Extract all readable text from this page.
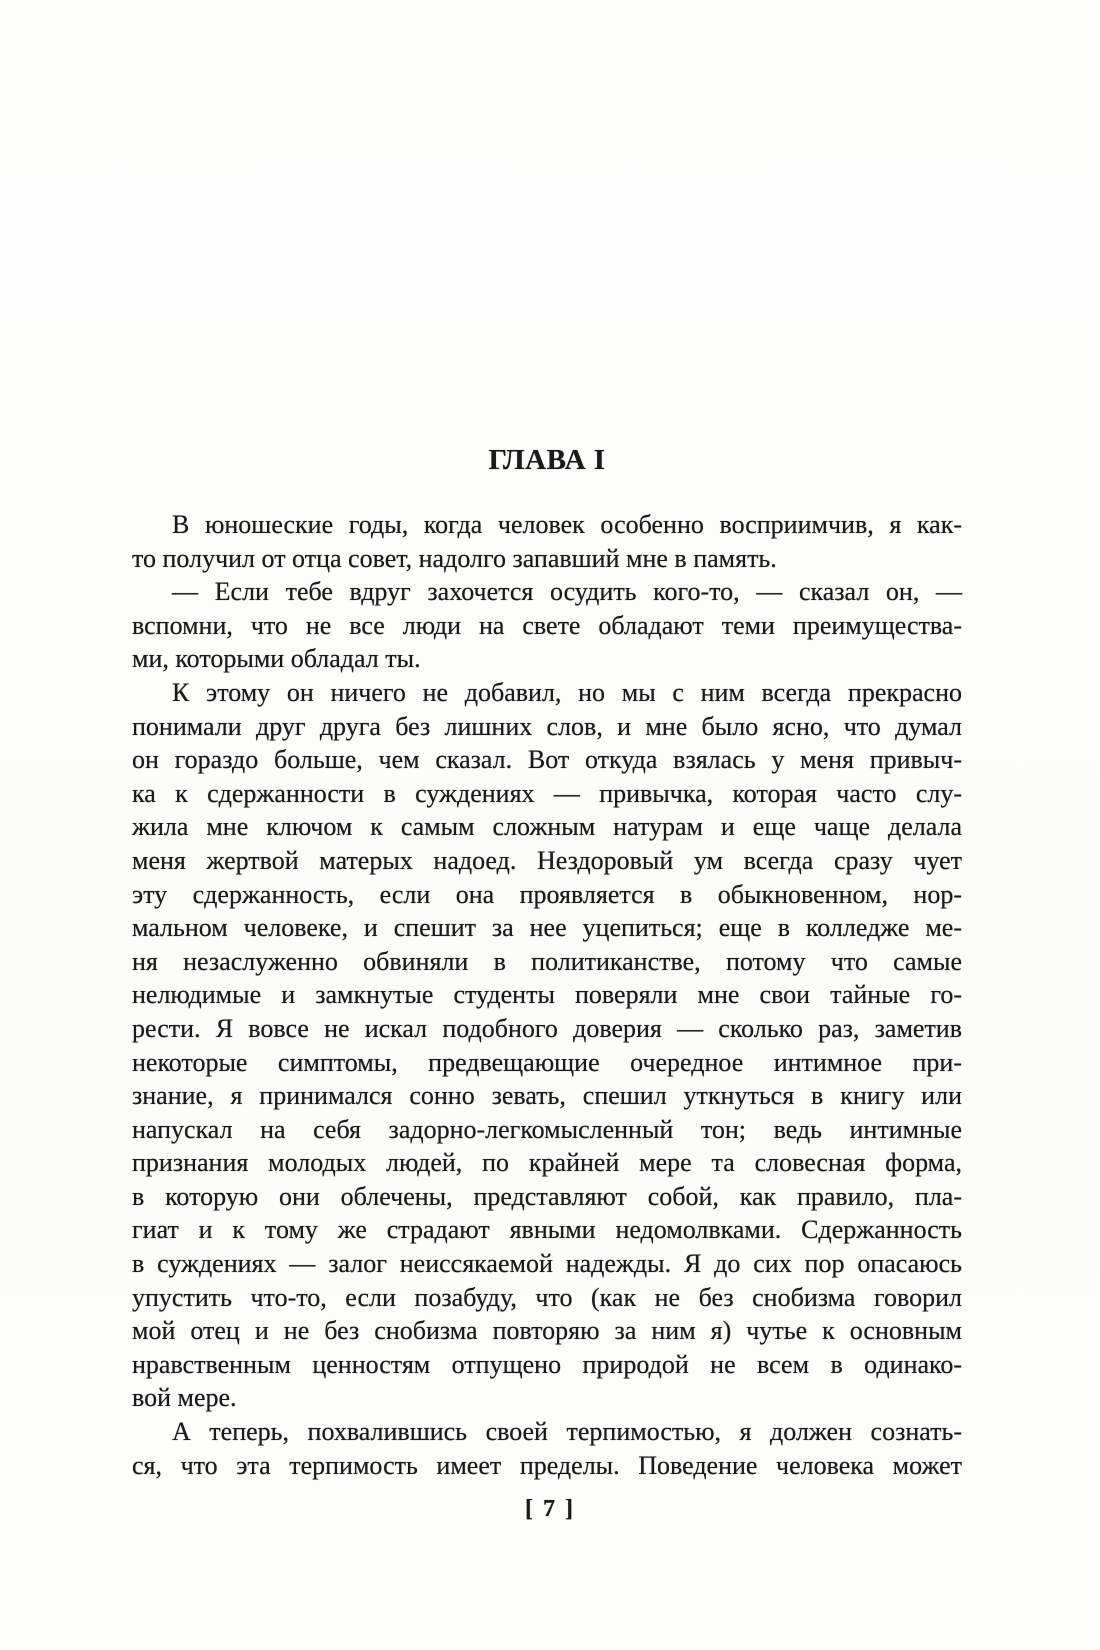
ГЛАВА I
В юношеские годы, когда человек особенно восприимчив, я как-
то получил от отца совет, надолго запавший мне в память.
— Если тебе вдруг захочется осудить кого-то, — сказал он, —
вспомни, что не все люди на свете обладают теми преимущества-
ми, которыми обладал ты.
К этому он ничего не добавил, но мы с ним всегда прекрасно
понимали друг друга без лишних слов, и мне было ясно, что думал
он гораздо больше, чем сказал. Вот откуда взялась у меня привыч-
ка к сдержанности в суждениях — привычка, которая часто слу-
жила мне ключом к самым сложным натурам и еще чаще делала
меня жертвой матерых надоед. Нездоровый ум всегда сразу чует
эту сдержанность, если она проявляется в обыкновенном, нор-
мальном человеке, и спешит за нее уцепиться; еще в колледже ме-
ня незаслуженно обвиняли в политиканстве, потому что самые
нелюдимые и замкнутые студенты поверяли мне свои тайные го-
рести. Я вовсе не искал подобного доверия — сколько раз, заметив
некоторые симптомы, предвещающие очередное интимное при-
знание, я принимался сонно зевать, спешил уткнуться в книгу или
напускал на себя задорно-легкомысленный тон; ведь интимные
признания молодых людей, по крайней мере та словесная форма,
в которую они облечены, представляют собой, как правило, пла-
гиат и к тому же страдают явными недомолвками. Сдержанность
в суждениях — залог неиссякаемой надежды. Я до сих пор опасаюсь
упустить что-то, если позабуду, что (как не без снобизма говорил
мой отец и не без снобизма повторяю за ним я) чутье к основным
нравственным ценностям отпущено природой не всем в одинако-
вой мере.
А теперь, похвалившись своей терпимостью, я должен сознать-
ся, что эта терпимость имеет пределы. Поведение человека может
[ 7 ]
